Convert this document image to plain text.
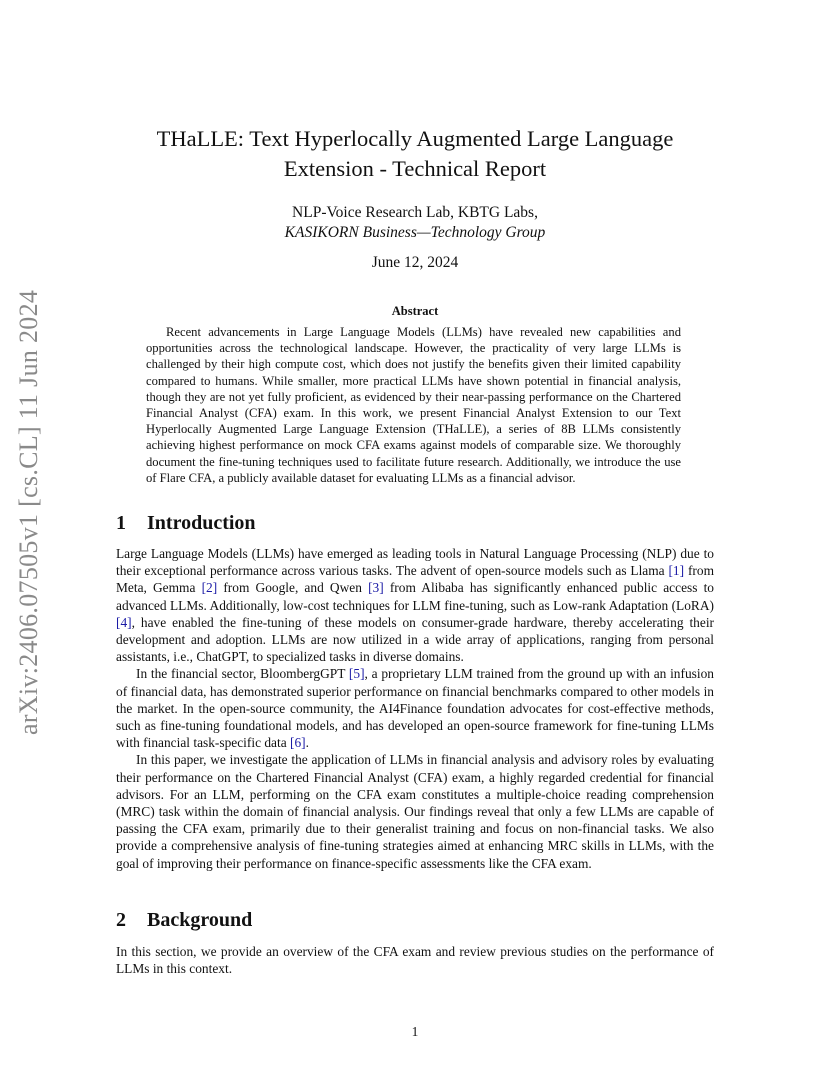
arXiv:2406.07505v1 [cs.CL] 11 Jun 2024
THaLLE: Text Hyperlocally Augmented Large Language Extension - Technical Report
NLP-Voice Research Lab, KBTG Labs,
KASIKORN Business—Technology Group
June 12, 2024
Abstract
Recent advancements in Large Language Models (LLMs) have revealed new capabilities and opportunities across the technological landscape. However, the practicality of very large LLMs is challenged by their high compute cost, which does not justify the benefits given their limited capability compared to humans. While smaller, more practical LLMs have shown potential in financial analysis, though they are not yet fully proficient, as evidenced by their near-passing performance on the Chartered Financial Analyst (CFA) exam. In this work, we present Financial Analyst Extension to our Text Hyperlocally Augmented Large Language Extension (THaLLE), a series of 8B LLMs consistently achieving highest performance on mock CFA exams against models of comparable size. We thoroughly document the fine-tuning techniques used to facilitate future research. Additionally, we introduce the use of Flare CFA, a publicly available dataset for evaluating LLMs as a financial advisor.
1 Introduction

Large Language Models (LLMs) have emerged as leading tools in Natural Language Processing (NLP) due to their exceptional performance across various tasks. The advent of open-source models such as Llama [1] from Meta, Gemma [2] from Google, and Qwen [3] from Alibaba has significantly enhanced public access to advanced LLMs. Additionally, low-cost techniques for LLM fine-tuning, such as Low-rank Adaptation (LoRA) [4], have enabled the fine-tuning of these models on consumer-grade hardware, thereby accelerating their development and adoption. LLMs are now utilized in a wide array of applications, ranging from personal assistants, i.e., ChatGPT, to specialized tasks in diverse domains.

In the financial sector, BloombergGPT [5], a proprietary LLM trained from the ground up with an infusion of financial data, has demonstrated superior performance on financial benchmarks compared to other models in the market. In the open-source community, the AI4Finance foundation advocates for cost-effective methods, such as fine-tuning foundational models, and has developed an open-source framework for fine-tuning LLMs with financial task-specific data [6].

In this paper, we investigate the application of LLMs in financial analysis and advisory roles by evaluating their performance on the Chartered Financial Analyst (CFA) exam, a highly regarded credential for financial advisors. For an LLM, performing on the CFA exam constitutes a multiple-choice reading comprehension (MRC) task within the domain of financial analysis. Our findings reveal that only a few LLMs are capable of passing the CFA exam, primarily due to their generalist training and focus on non-financial tasks. We also provide a comprehensive analysis of fine-tuning strategies aimed at enhancing MRC skills in LLMs, with the goal of improving their performance on finance-specific assessments like the CFA exam.

2 Background

In this section, we provide an overview of the CFA exam and review previous studies on the performance of LLMs in this context.

1
